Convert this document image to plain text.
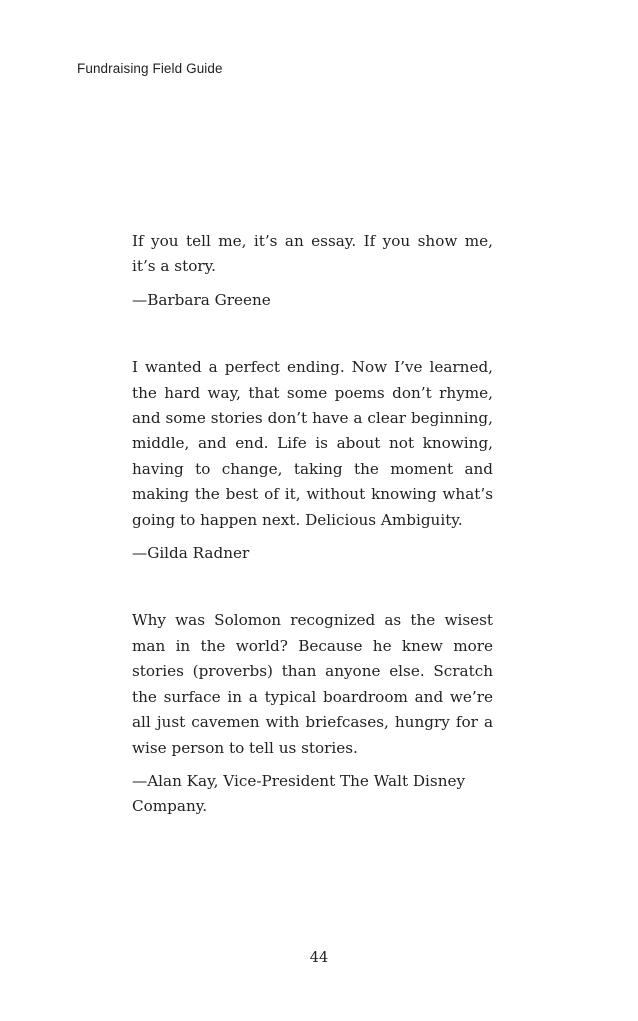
Fundraising Field Guide

If you tell me, it’s an essay. If you show me, it’s a story.

—Barbara Greene

I wanted a perfect ending. Now I’ve learned, the hard way, that some poems don’t rhyme, and some stories don’t have a clear beginning, middle, and end. Life is about not knowing, having to change, taking the moment and making the best of it, without knowing what’s going to happen next. Delicious Ambiguity.

—Gilda Radner

Why was Solomon recognized as the wisest man in the world? Because he knew more stories (proverbs) than anyone else. Scratch the surface in a typical boardroom and we’re all just cavemen with briefcases, hungry for a wise person to tell us stories.

—Alan Kay, Vice-President The Walt Disney Company.

44
